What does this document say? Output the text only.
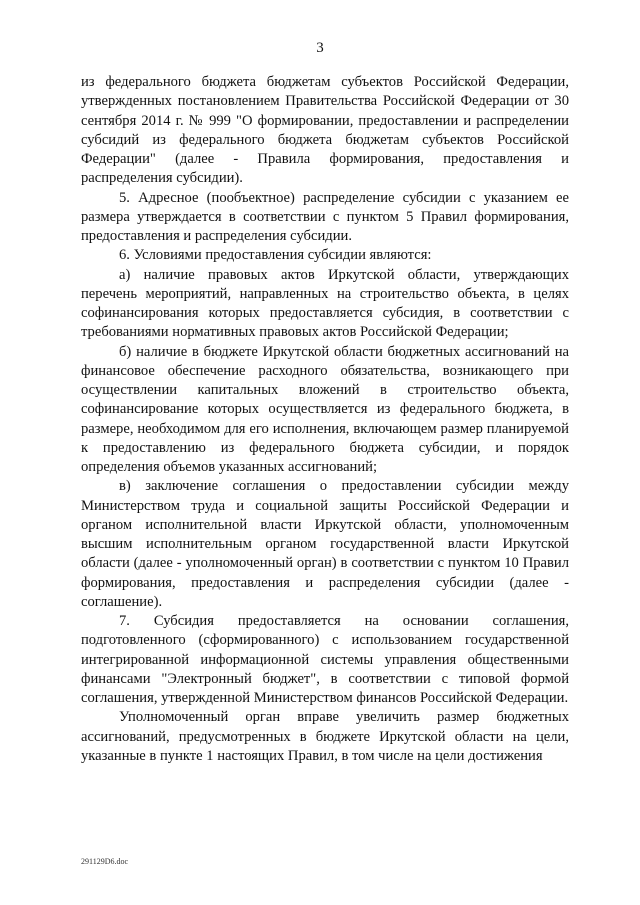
3

из федерального бюджета бюджетам субъектов Российской Федерации, утвержденных постановлением Правительства Российской Федерации от 30 сентября 2014 г. № 999 "О формировании, предоставлении и распределении субсидий из федерального бюджета бюджетам субъектов Российской Федерации" (далее - Правила формирования, предоставления и распределения субсидии).

5. Адресное (пообъектное) распределение субсидии с указанием ее размера утверждается в соответствии с пунктом 5 Правил формирования, предоставления и распределения субсидии.

6. Условиями предоставления субсидии являются:

а) наличие правовых актов Иркутской области, утверждающих перечень мероприятий, направленных на строительство объекта, в целях софинансирования которых предоставляется субсидия, в соответствии с требованиями нормативных правовых актов Российской Федерации;

б) наличие в бюджете Иркутской области бюджетных ассигнований на финансовое обеспечение расходного обязательства, возникающего при осуществлении капитальных вложений в строительство объекта, софинансирование которых осуществляется из федерального бюджета, в размере, необходимом для его исполнения, включающем размер планируемой к предоставлению из федерального бюджета субсидии, и порядок определения объемов указанных ассигнований;

в) заключение соглашения о предоставлении субсидии между Министерством труда и социальной защиты Российской Федерации и органом исполнительной власти Иркутской области, уполномоченным высшим исполнительным органом государственной власти Иркутской области (далее - уполномоченный орган) в соответствии с пунктом 10 Правил формирования, предоставления и распределения субсидии (далее - соглашение).

7. Субсидия предоставляется на основании соглашения, подготовленного (сформированного) с использованием государственной интегрированной информационной системы управления общественными финансами "Электронный бюджет", в соответствии с типовой формой соглашения, утвержденной Министерством финансов Российской Федерации.

Уполномоченный орган вправе увеличить размер бюджетных ассигнований, предусмотренных в бюджете Иркутской области на цели, указанные в пункте 1 настоящих Правил, в том числе на цели достижения

291129D6.doc
